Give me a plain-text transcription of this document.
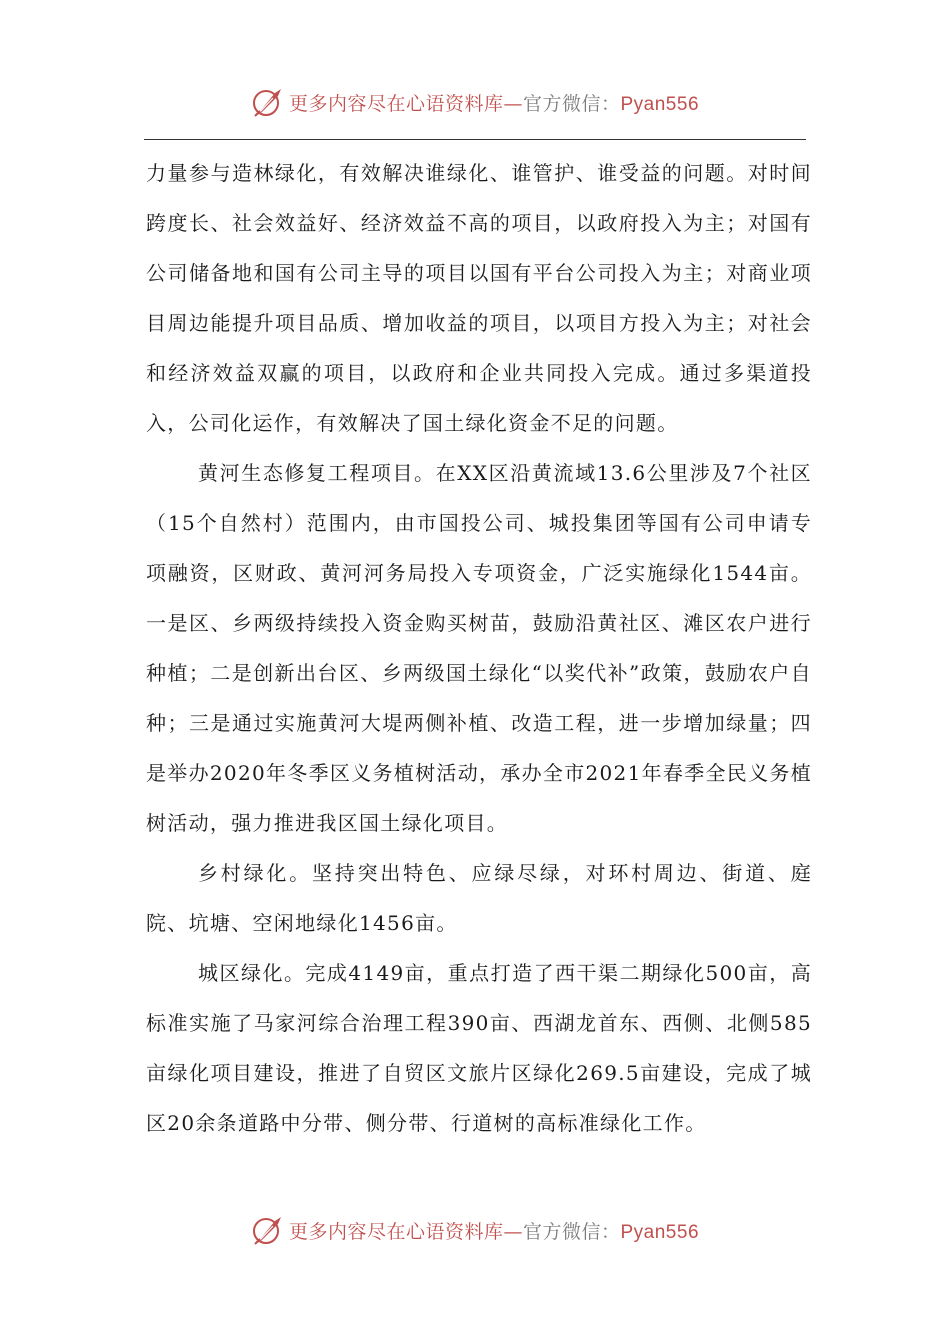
更多内容尽在心语资料库—官方微信：Pyan556

力量参与造林绿化，有效解决谁绿化、谁管护、谁受益的问题。对时间跨度长、社会效益好、经济效益不高的项目，以政府投入为主；对国有公司储备地和国有公司主导的项目以国有平台公司投入为主；对商业项目周边能提升项目品质、增加收益的项目，以项目方投入为主；对社会和经济效益双赢的项目，以政府和企业共同投入完成。通过多渠道投入，公司化运作，有效解决了国土绿化资金不足的问题。

黄河生态修复工程项目。在XX区沿黄流域13.6公里涉及7个社区（15个自然村）范围内，由市国投公司、城投集团等国有公司申请专项融资，区财政、黄河河务局投入专项资金，广泛实施绿化1544亩。一是区、乡两级持续投入资金购买树苗，鼓励沿黄社区、滩区农户进行种植；二是创新出台区、乡两级国土绿化“以奖代补”政策，鼓励农户自种；三是通过实施黄河大堤两侧补植、改造工程，进一步增加绿量；四是举办2020年冬季区义务植树活动，承办全市2021年春季全民义务植树活动，强力推进我区国土绿化项目。

乡村绿化。坚持突出特色、应绿尽绿，对环村周边、街道、庭院、坑塘、空闲地绿化1456亩。

城区绿化。完成4149亩，重点打造了西干渠二期绿化500亩，高标准实施了马家河综合治理工程390亩、西湖龙首东、西侧、北侧585亩绿化项目建设，推进了自贸区文旅片区绿化269.5亩建设，完成了城区20余条道路中分带、侧分带、行道树的高标准绿化工作。

更多内容尽在心语资料库—官方微信：Pyan556
